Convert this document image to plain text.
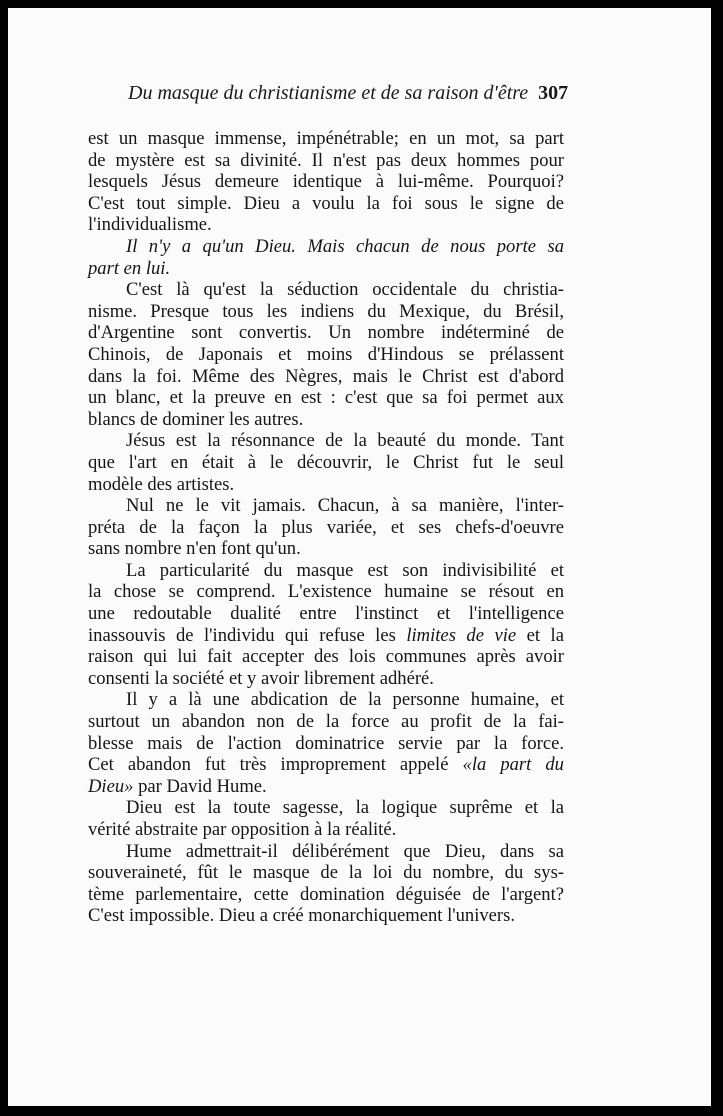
Du masque du christianisme et de sa raison d'être 307
est un masque immense, impénétrable; en un mot, sa part
de mystère est sa divinité. Il n'est pas deux hommes pour
lesquels Jésus demeure identique à lui-même. Pourquoi?
C'est tout simple. Dieu a voulu la foi sous le signe de
l'individualisme.
Il n'y a qu'un Dieu. Mais chacun de nous porte sa
part en lui.
C'est là qu'est la séduction occidentale du christia-
nisme. Presque tous les indiens du Mexique, du Brésil,
d'Argentine sont convertis. Un nombre indéterminé de
Chinois, de Japonais et moins d'Hindous se prélassent
dans la foi. Même des Nègres, mais le Christ est d'abord
un blanc, et la preuve en est : c'est que sa foi permet aux
blancs de dominer les autres.
Jésus est la résonnance de la beauté du monde. Tant
que l'art en était à le découvrir, le Christ fut le seul
modèle des artistes.
Nul ne le vit jamais. Chacun, à sa manière, l'inter-
préta de la façon la plus variée, et ses chefs-d'oeuvre
sans nombre n'en font qu'un.
La particularité du masque est son indivisibilité et
la chose se comprend. L'existence humaine se résout en
une redoutable dualité entre l'instinct et l'intelligence
inassouvis de l'individu qui refuse les limites de vie et la
raison qui lui fait accepter des lois communes après avoir
consenti la société et y avoir librement adhéré.
Il y a là une abdication de la personne humaine, et
surtout un abandon non de la force au profit de la fai-
blesse mais de l'action dominatrice servie par la force.
Cet abandon fut très improprement appelé «la part du
Dieu» par David Hume.
Dieu est la toute sagesse, la logique suprême et la
vérité abstraite par opposition à la réalité.
Hume admettrait-il délibérément que Dieu, dans sa
souveraineté, fût le masque de la loi du nombre, du sys-
tème parlementaire, cette domination déguisée de l'argent?
C'est impossible. Dieu a créé monarchiquement l'univers.
